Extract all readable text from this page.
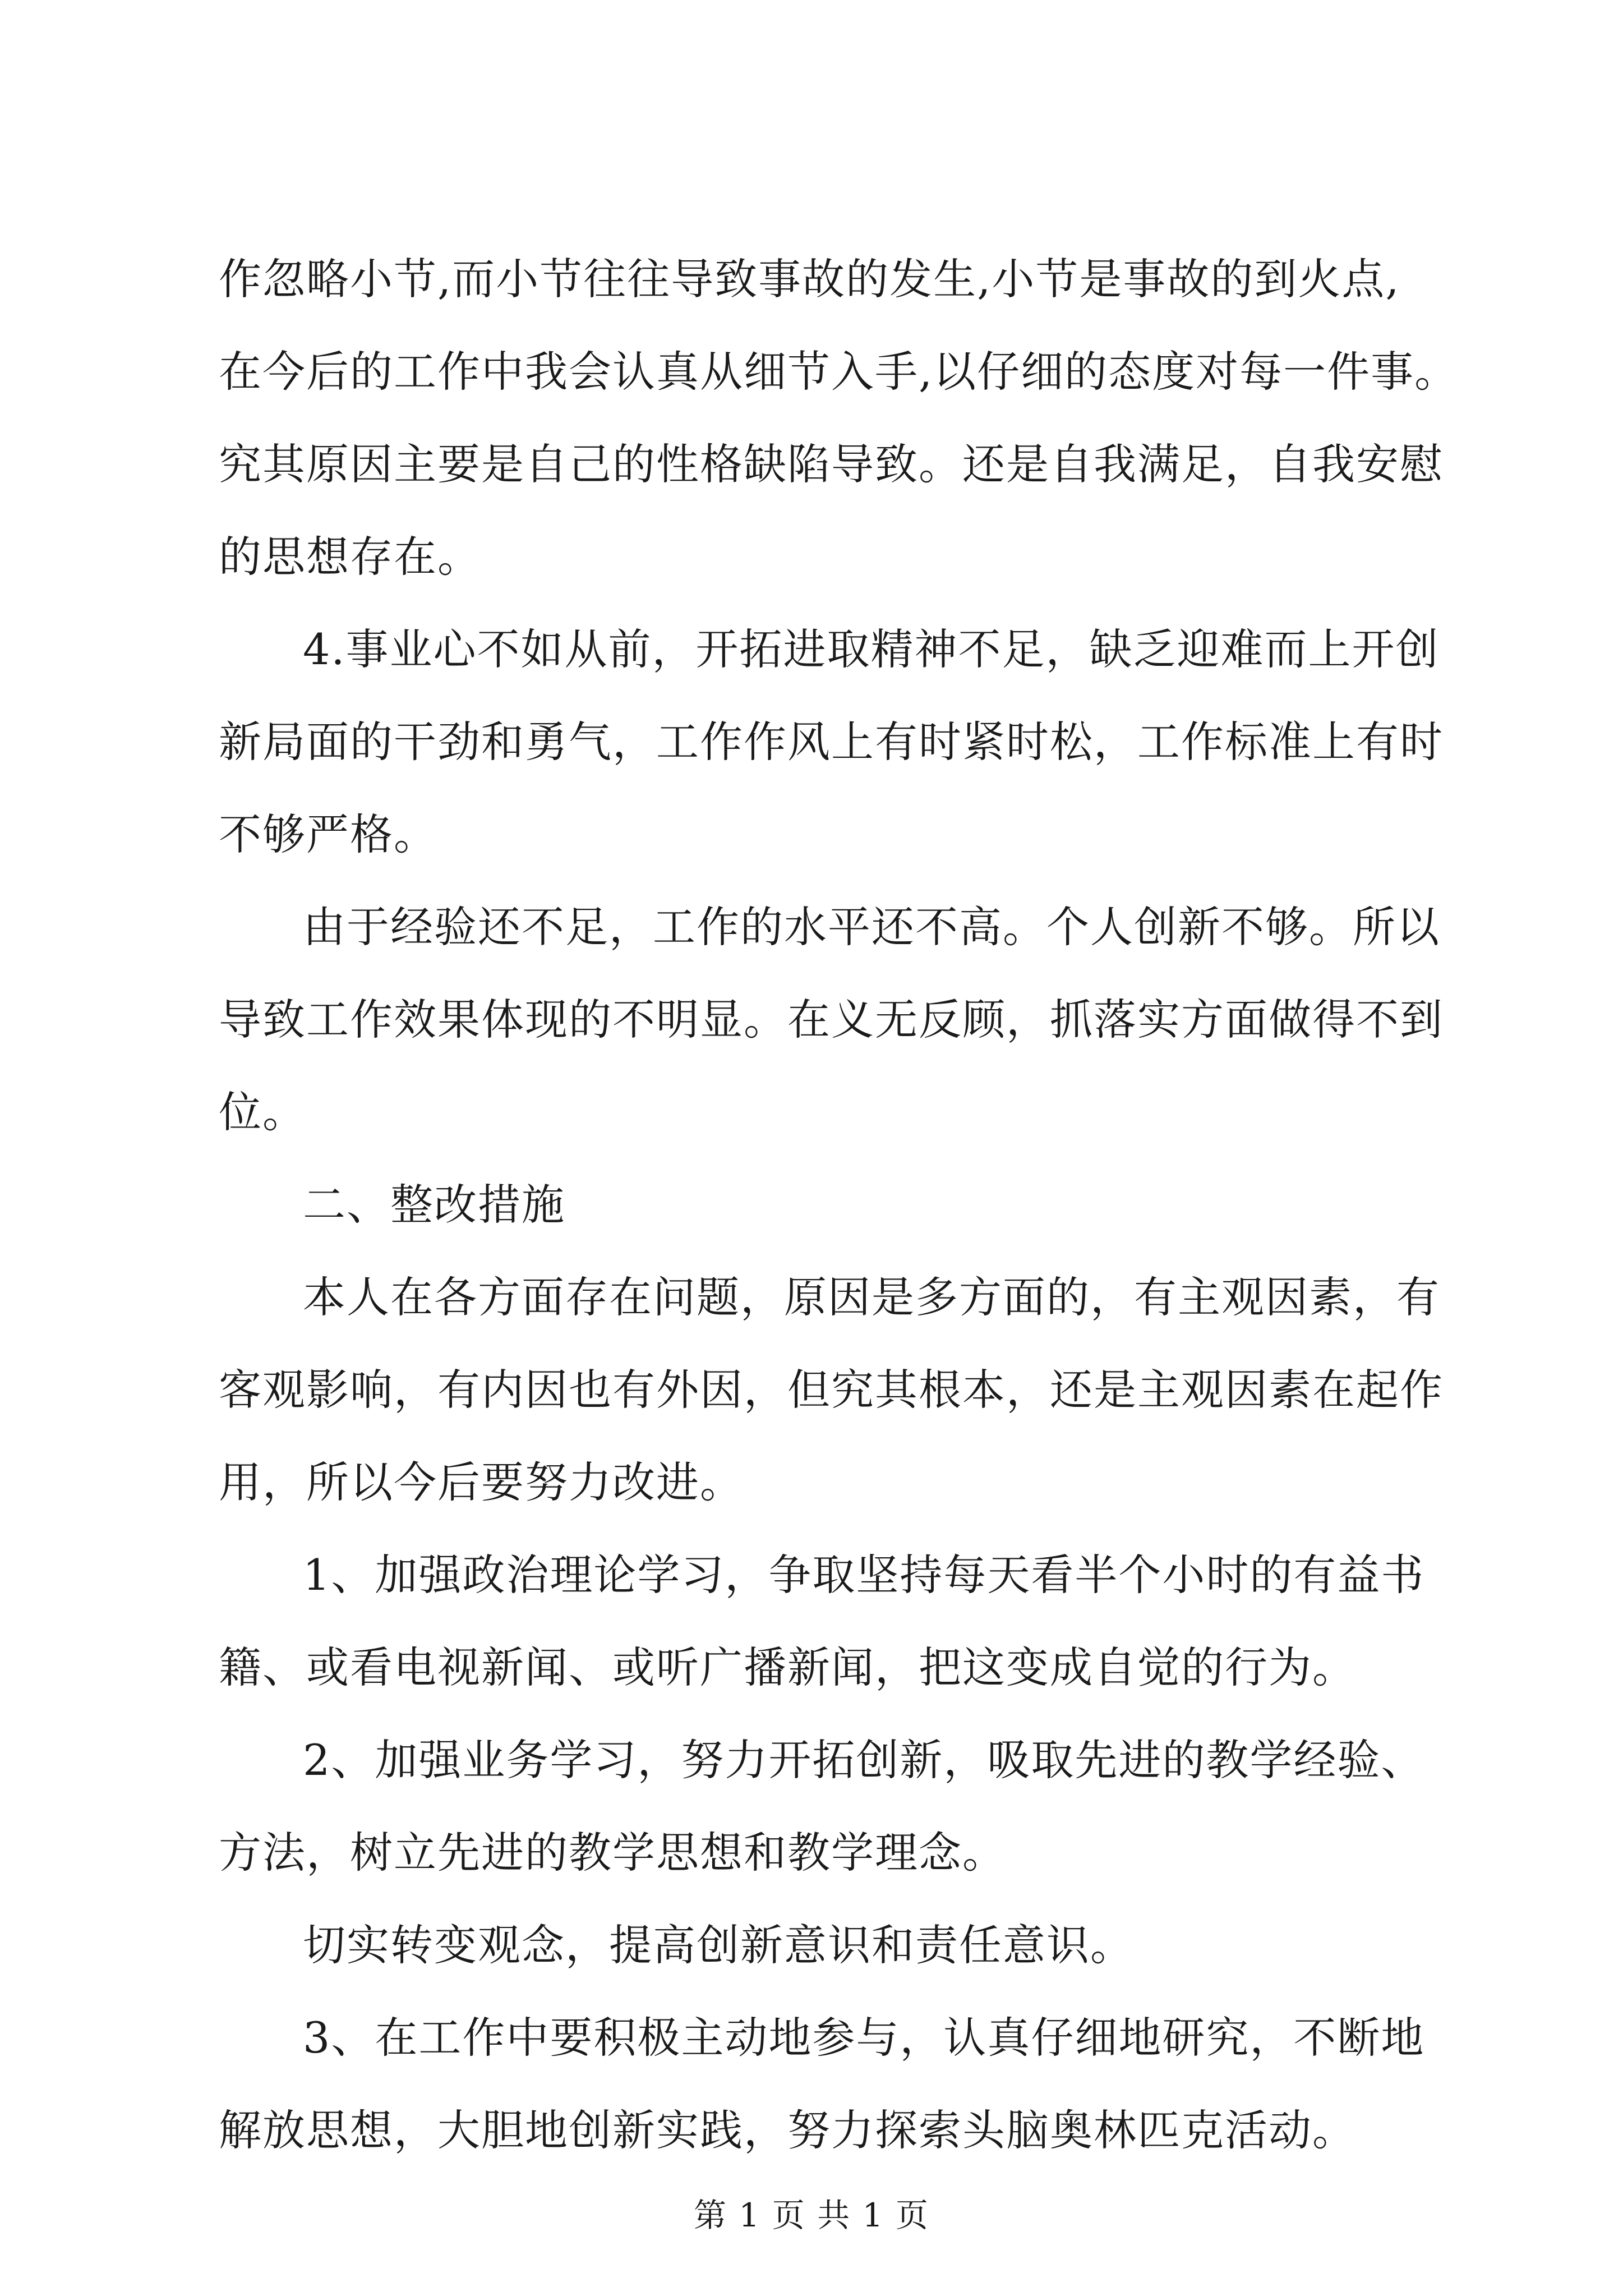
作忽略小节,而小节往往导致事故的发生,小节是事故的到火点,

在今后的工作中我会认真从细节入手,以仔细的态度对每一件事。

究其原因主要是自己的性格缺陷导致。还是自我满足，自我安慰

的思想存在。

4.事业心不如从前，开拓进取精神不足，缺乏迎难而上开创

新局面的干劲和勇气，工作作风上有时紧时松，工作标准上有时

不够严格。

由于经验还不足，工作的水平还不高。个人创新不够。所以

导致工作效果体现的不明显。在义无反顾，抓落实方面做得不到

位。

二、整改措施

本人在各方面存在问题，原因是多方面的，有主观因素，有

客观影响，有内因也有外因，但究其根本，还是主观因素在起作

用，所以今后要努力改进。

1、加强政治理论学习，争取坚持每天看半个小时的有益书

籍、或看电视新闻、或听广播新闻，把这变成自觉的行为。

2、加强业务学习，努力开拓创新，吸取先进的教学经验、

方法，树立先进的教学思想和教学理念。

切实转变观念，提高创新意识和责任意识。

3、在工作中要积极主动地参与，认真仔细地研究，不断地

解放思想，大胆地创新实践，努力探索头脑奥林匹克活动。

第 1 页 共 1 页
